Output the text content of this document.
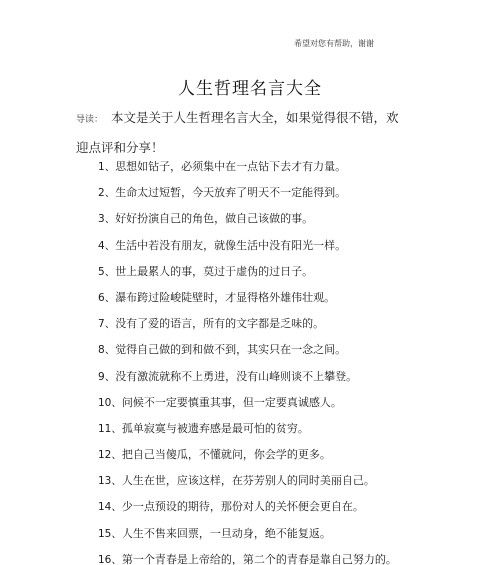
希望对您有帮助，谢谢
人生哲理名言大全
导读： 本文是关于人生哲理名言大全，如果觉得很不错，欢迎点评和分享！
1、思想如钻子，必须集中在一点钻下去才有力量。
2、生命太过短暂，今天放弃了明天不一定能得到。
3、好好扮演自己的角色，做自己该做的事。
4、生活中若没有朋友，就像生活中没有阳光一样。
5、世上最累人的事，莫过于虚伪的过日子。
6、瀑布跨过险峻陡壁时，才显得格外雄伟壮观。
7、没有了爱的语言，所有的文字都是乏味的。
8、觉得自己做的到和做不到，其实只在一念之间。
9、没有激流就称不上勇进，没有山峰则谈不上攀登。
10、问候不一定要慎重其事，但一定要真诚感人。
11、孤单寂寞与被遗弃感是最可怕的贫穷。
12、把自己当傻瓜，不懂就问，你会学的更多。
13、人生在世，应该这样，在芬芳别人的同时美丽自己。
14、少一点预设的期待，那份对人的关怀便会更自在。
15、人生不售来回票，一旦动身，绝不能复返。
16、第一个青春是上帝给的，第二个的青春是靠自己努力的。
